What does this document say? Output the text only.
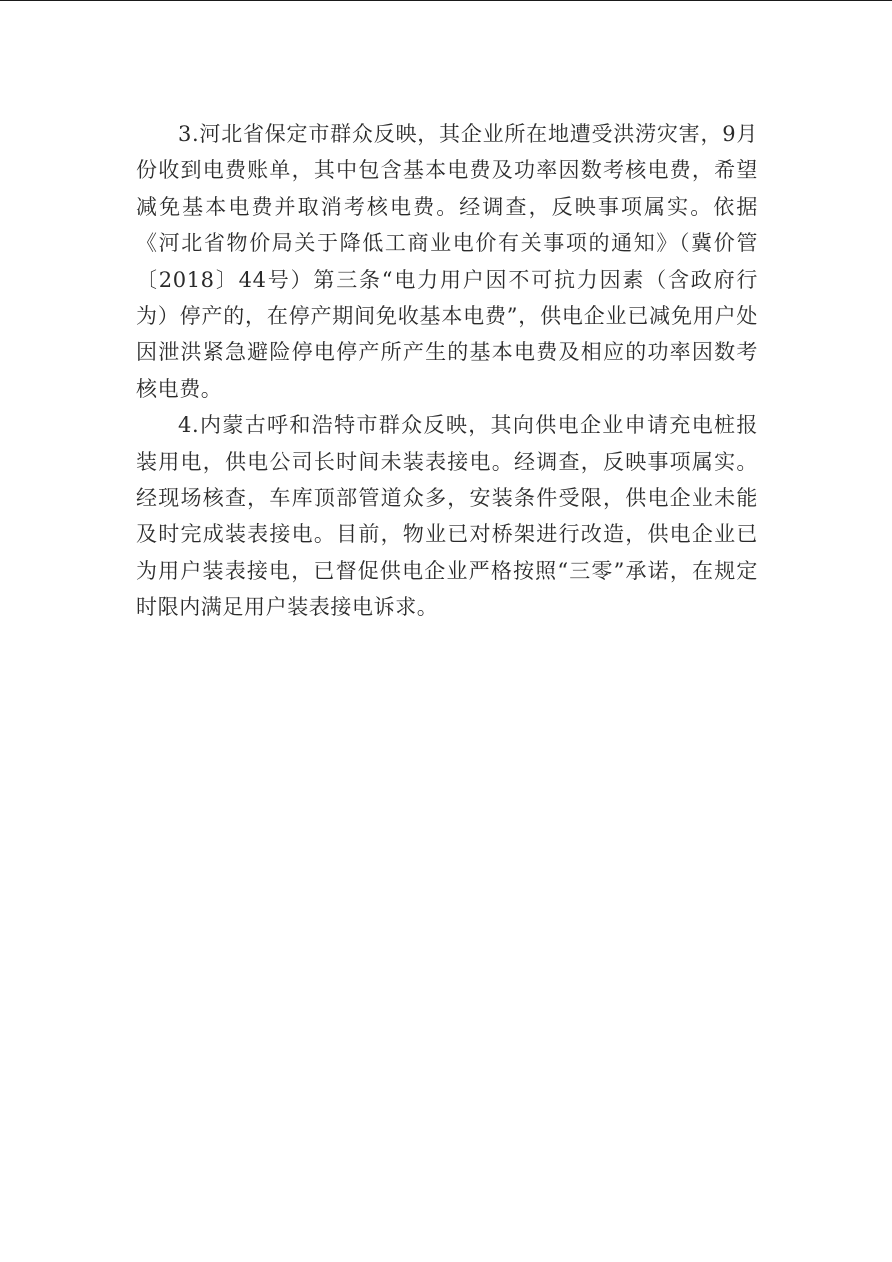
3.河北省保定市群众反映，其企业所在地遭受洪涝灾害，9月份收到电费账单，其中包含基本电费及功率因数考核电费，希望减免基本电费并取消考核电费。经调查，反映事项属实。依据《河北省物价局关于降低工商业电价有关事项的通知》（冀价管〔2018〕44号）第三条“电力用户因不可抗力因素（含政府行为）停产的，在停产期间免收基本电费”，供电企业已减免用户处因泄洪紧急避险停电停产所产生的基本电费及相应的功率因数考核电费。

4.内蒙古呼和浩特市群众反映，其向供电企业申请充电桩报装用电，供电公司长时间未装表接电。经调查，反映事项属实。经现场核查，车库顶部管道众多，安装条件受限，供电企业未能及时完成装表接电。目前，物业已对桥架进行改造，供电企业已为用户装表接电，已督促供电企业严格按照“三零”承诺，在规定时限内满足用户装表接电诉求。
